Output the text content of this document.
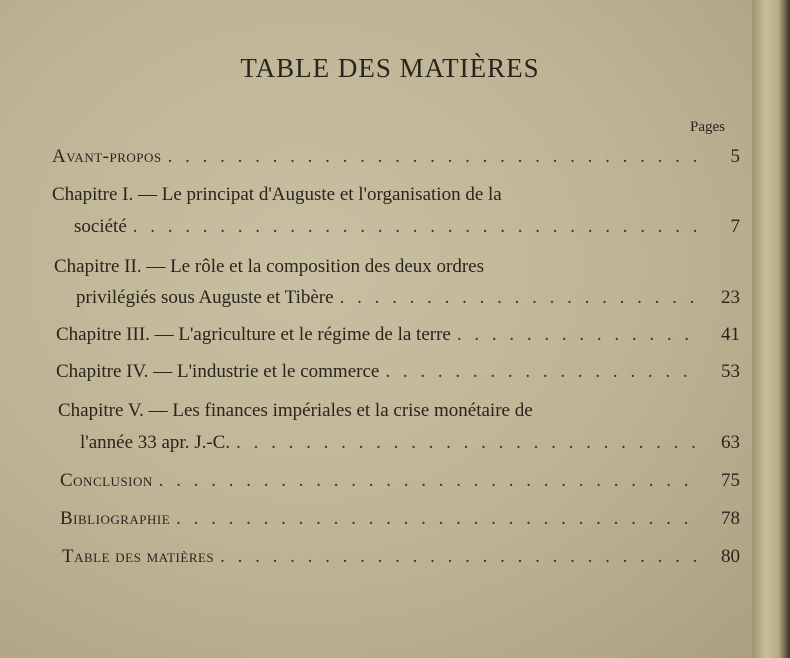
TABLE DES MATIÈRES
Pages
Avant-propos . . .	5
Chapitre I. — Le principat d'Auguste et l'organisation de la
société . . .	7
Chapitre II. — Le rôle et la composition des deux ordres
privilégiés sous Auguste et Tibère . . .	23
Chapitre III. — L'agriculture et le régime de la terre . . .	41
Chapitre IV. — L'industrie et le commerce . . .	53
Chapitre V. — Les finances impériales et la crise monétaire de
l'année 33 apr. J.-C. . . .	63
Conclusion . . .	75
Bibliographie . . .	78
Table des matières . . .	80
